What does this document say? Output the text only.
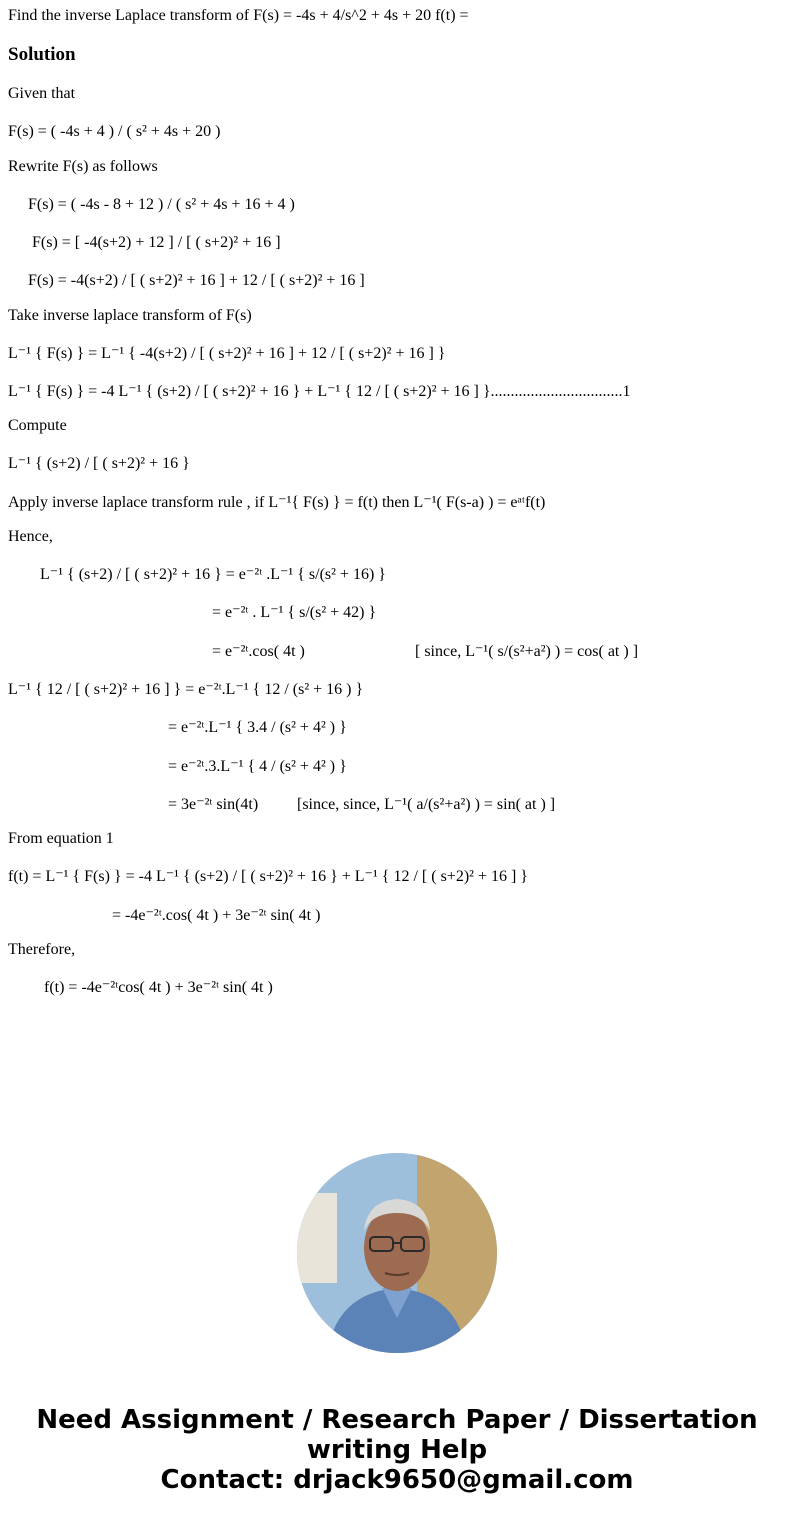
Find the inverse Laplace transform of F(s) = -4s + 4/s^2 + 4s + 20 f(t) =
Solution
Given that
F(s) = ( -4s + 4 ) / ( s² + 4s + 20 )
Rewrite F(s) as follows
F(s) = ( -4s - 8 + 12 ) / ( s² + 4s + 16 + 4 )
F(s) = [ -4(s+2) + 12 ] / [ ( s+2)² + 16 ]
F(s) = -4(s+2) / [ ( s+2)² + 16 ] + 12 / [ ( s+2)² + 16 ]
Take inverse laplace transform of F(s)
L⁻¹ { F(s) } = L⁻¹ { -4(s+2) / [ ( s+2)² + 16 ] + 12 / [ ( s+2)² + 16 ] }
L⁻¹ { F(s) } = -4 L⁻¹ { (s+2) / [ ( s+2)² + 16 } + L⁻¹ { 12 / [ ( s+2)² + 16 ] }.................................1
Compute
L⁻¹ { (s+2) / [ ( s+2)² + 16 }
Apply inverse laplace transform rule , if L⁻¹{ F(s) } = f(t) then L⁻¹( F(s-a) ) = eᵃᵗf(t)
Hence,
L⁻¹ { (s+2) / [ ( s+2)² + 16 } = e⁻²ᵗ .L⁻¹ { s/(s² + 16) }
= e⁻²ᵗ . L⁻¹ { s/(s² + 42) }
= e⁻²ᵗ.cos( 4t )	[ since, L⁻¹( s/(s²+a²) ) = cos( at ) ]
L⁻¹ { 12 / [ ( s+2)² + 16 ] } = e⁻²ᵗ.L⁻¹ { 12 / (s² + 16 ) }
= e⁻²ᵗ.L⁻¹ { 3.4 / (s² + 4² ) }
= e⁻²ᵗ.3.L⁻¹ { 4 / (s² + 4² ) }
= 3e⁻²ᵗ sin(4t) [since, since, L⁻¹( a/(s²+a²) ) = sin( at ) ]
From equation 1
f(t) = L⁻¹ { F(s) } = -4 L⁻¹ { (s+2) / [ ( s+2)² + 16 } + L⁻¹ { 12 / [ ( s+2)² + 16 ] }
= -4e⁻²ᵗ.cos( 4t ) + 3e⁻²ᵗ sin( 4t )
Therefore,
f(t) = -4e⁻²ᵗcos( 4t ) + 3e⁻²ᵗ sin( 4t )
Need Assignment / Research Paper / Dissertation
writing Help
Contact: drjack9650@gmail.com
